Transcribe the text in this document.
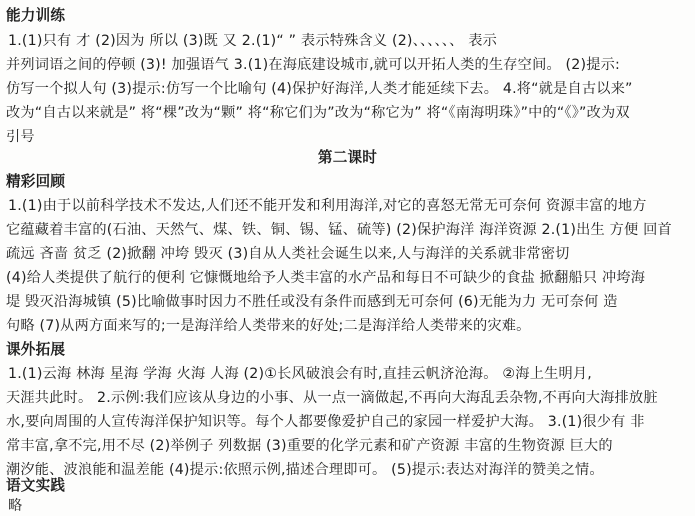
能力训练
1.(1)只有 才 (2)因为 所以 (3)既 又 2.(1)“ ” 表示特殊含义 (2)、、、、、、 表示
并列词语之间的停顿 (3)! 加强语气 3.(1)在海底建设城市,就可以开拓人类的生存空间。 (2)提示:
仿写一个拟人句 (3)提示:仿写一个比喻句 (4)保护好海洋,人类才能延续下去。 4.将“就是自古以来”
改为“自古以来就是” 将“棵”改为“颗” 将“称它们为”改为“称它为” 将“《南海明珠》”中的“《》”改为双
引号
第二课时
精彩回顾
1.(1)由于以前科学技术不发达,人们还不能开发和利用海洋,对它的喜怒无常无可奈何 资源丰富的地方
它蕴藏着丰富的(石油、天然气、煤、铁、铜、锡、锰、硫等) (2)保护海洋 海洋资源 2.(1)出生 方便 回首
疏远 吝啬 贫乏 (2)掀翻 冲垮 毁灭 (3)自从人类社会诞生以来,人与海洋的关系就非常密切
(4)给人类提供了航行的便利 它慷慨地给予人类丰富的水产品和每日不可缺少的食盐 掀翻船只 冲垮海
堤 毁灭沿海城镇 (5)比喻做事时因力不胜任或没有条件而感到无可奈何 (6)无能为力 无可奈何 造
句略 (7)从两方面来写的;一是海洋给人类带来的好处;二是海洋给人类带来的灾难。
课外拓展
1.(1)云海 林海 星海 学海 火海 人海 (2)①长风破浪会有时,直挂云帆济沧海。 ②海上生明月,
天涯共此时。 2.示例:我们应该从身边的小事、从一点一滴做起,不再向大海乱丢杂物,不再向大海排放脏
水,要向周围的人宣传海洋保护知识等。每个人都要像爱护自己的家园一样爱护大海。 3.(1)很少有 非
常丰富,拿不完,用不尽 (2)举例子 列数据 (3)重要的化学元素和矿产资源 丰富的生物资源 巨大的
潮汐能、波浪能和温差能 (4)提示:依照示例,描述合理即可。 (5)提示:表达对海洋的赞美之情。
语文实践
略
